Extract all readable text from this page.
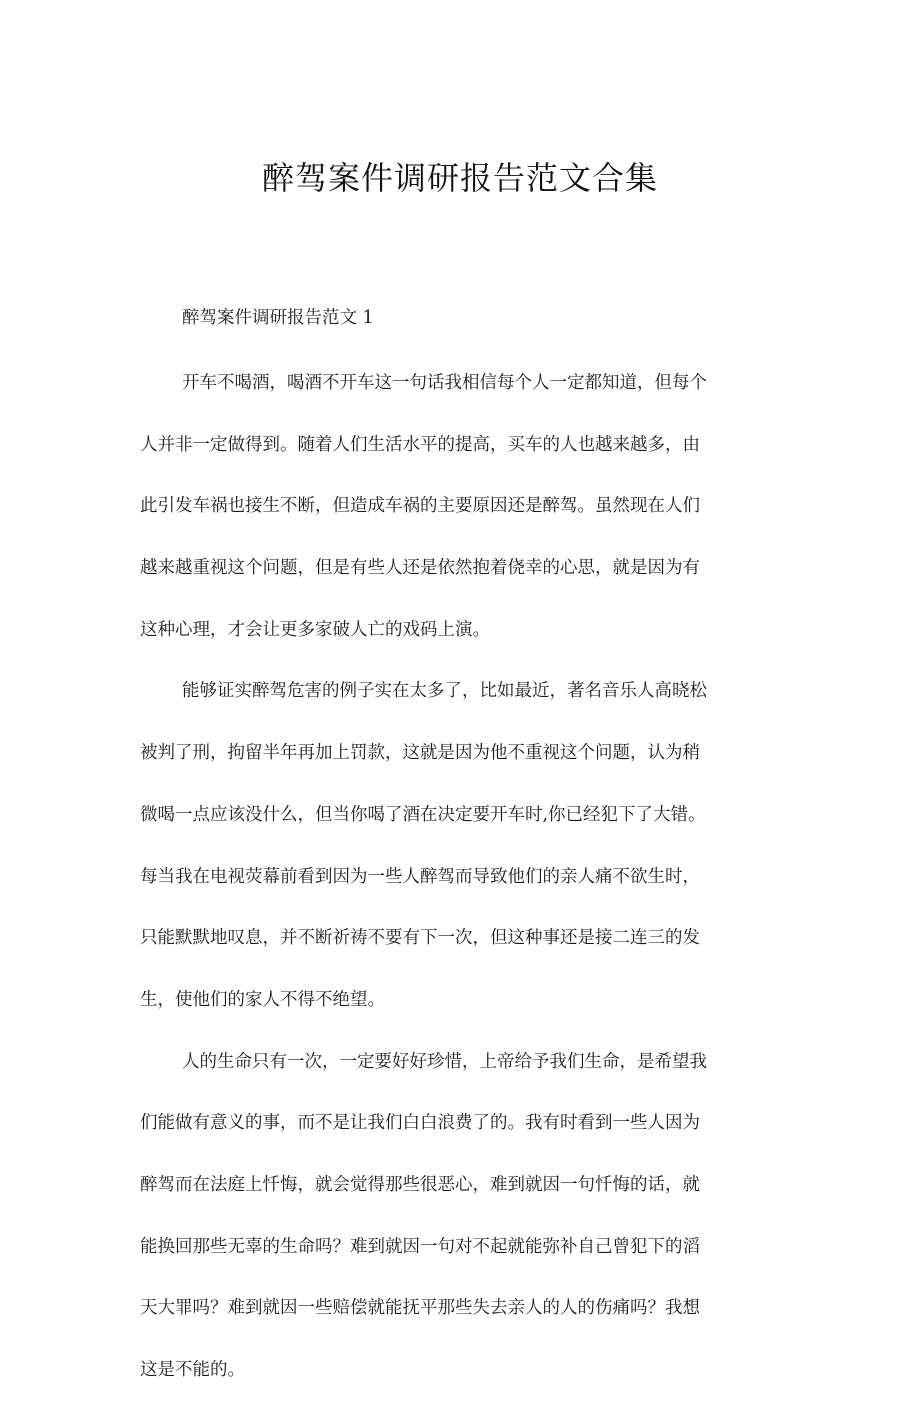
醉驾案件调研报告范文合集
醉驾案件调研报告范文 1
开车不喝酒，喝酒不开车这一句话我相信每个人一定都知道，但每个
人并非一定做得到。随着人们生活水平的提高，买车的人也越来越多，由
此引发车祸也接生不断，但造成车祸的主要原因还是醉驾。虽然现在人们
越来越重视这个问题，但是有些人还是依然抱着侥幸的心思，就是因为有
这种心理，才会让更多家破人亡的戏码上演。
能够证实醉驾危害的例子实在太多了，比如最近，著名音乐人高晓松
被判了刑，拘留半年再加上罚款，这就是因为他不重视这个问题，认为稍
微喝一点应该没什么，但当你喝了酒在决定要开车时,你已经犯下了大错。
每当我在电视荧幕前看到因为一些人醉驾而导致他们的亲人痛不欲生时，
只能默默地叹息，并不断祈祷不要有下一次，但这种事还是接二连三的发
生，使他们的家人不得不绝望。
人的生命只有一次，一定要好好珍惜，上帝给予我们生命，是希望我
们能做有意义的事，而不是让我们白白浪费了的。我有时看到一些人因为
醉驾而在法庭上忏悔，就会觉得那些很恶心，难到就因一句忏悔的话，就
能换回那些无辜的生命吗？难到就因一句对不起就能弥补自己曾犯下的滔
天大罪吗？难到就因一些赔偿就能抚平那些失去亲人的人的伤痛吗？我想
这是不能的。
